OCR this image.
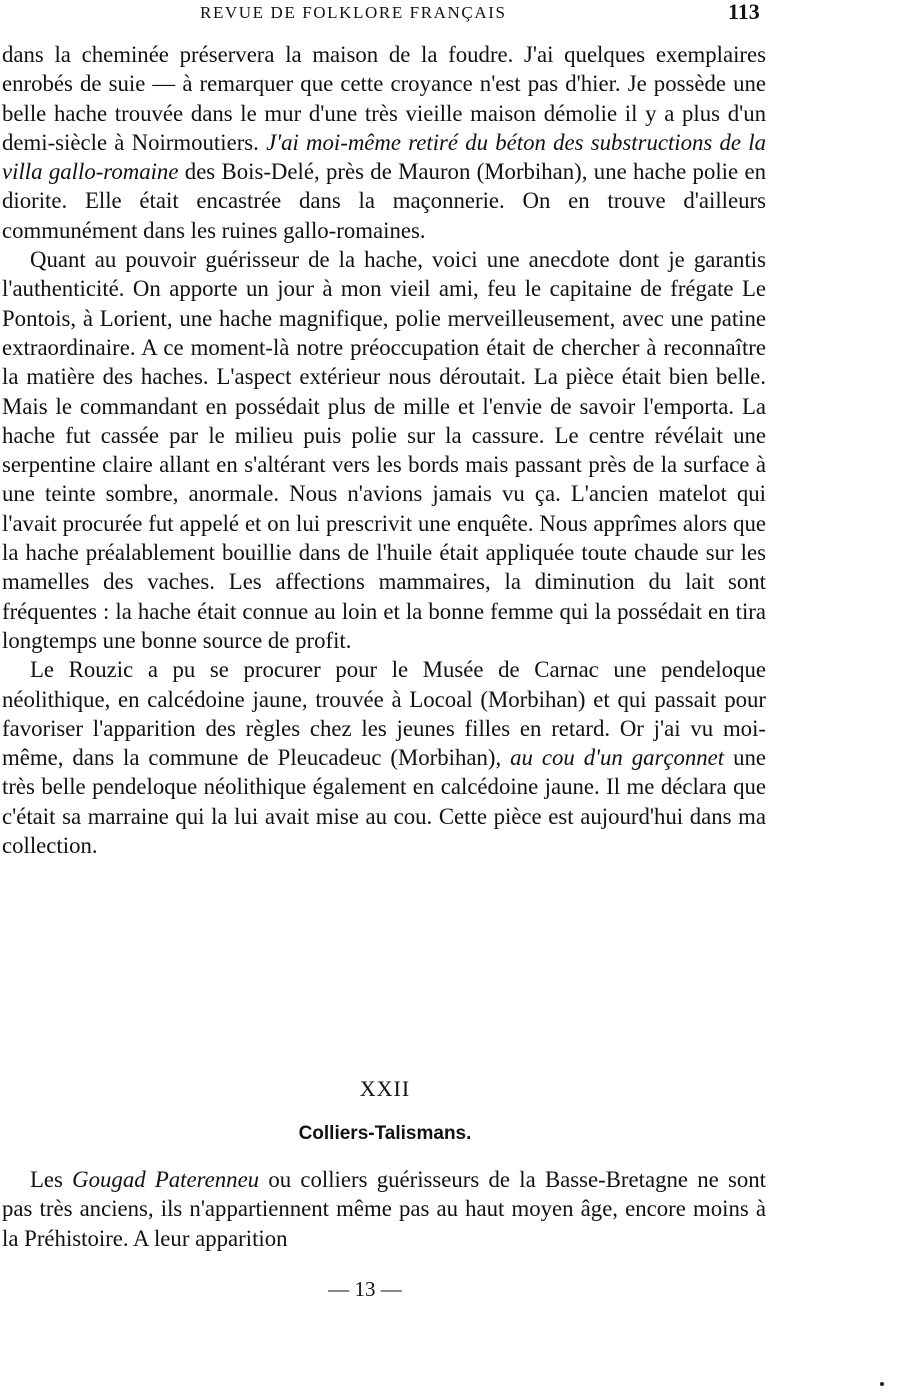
REVUE DE FOLKLORE FRANÇAIS	113

dans la cheminée préservera la maison de la foudre. J'ai quelques exemplaires enrobés de suie — à remarquer que cette croyance n'est pas d'hier. Je possède une belle hache trouvée dans le mur d'une très vieille maison démolie il y a plus d'un demi-siècle à Noirmoutiers. J'ai moi-même retiré du béton des substructions de la villa gallo-romaine des Bois-Delé, près de Mauron (Morbihan), une hache polie en diorite. Elle était encastrée dans la maçonnerie. On en trouve d'ailleurs communément dans les ruines gallo-romaines.

Quant au pouvoir guérisseur de la hache, voici une anecdote dont je garantis l'authenticité. On apporte un jour à mon vieil ami, feu le capitaine de frégate Le Pontois, à Lorient, une hache magnifique, polie merveilleusement, avec une patine extraordinaire. A ce moment-là notre préoccupation était de chercher à reconnaître la matière des haches. L'aspect extérieur nous déroutait. La pièce était bien belle. Mais le commandant en possédait plus de mille et l'envie de savoir l'emporta. La hache fut cassée par le milieu puis polie sur la cassure. Le centre révélait une serpentine claire allant en s'altérant vers les bords mais passant près de la surface à une teinte sombre, anormale. Nous n'avions jamais vu ça. L'ancien matelot qui l'avait procurée fut appelé et on lui prescrivit une enquête. Nous apprîmes alors que la hache préalablement bouillie dans de l'huile était appliquée toute chaude sur les mamelles des vaches. Les affections mammaires, la diminution du lait sont fréquentes : la hache était connue au loin et la bonne femme qui la possédait en tira longtemps une bonne source de profit.

Le Rouzic a pu se procurer pour le Musée de Carnac une pendeloque néolithique, en calcédoine jaune, trouvée à Locoal (Morbihan) et qui passait pour favoriser l'apparition des règles chez les jeunes filles en retard. Or j'ai vu moi-même, dans la commune de Pleucadeuc (Morbihan), au cou d'un garçonnet une très belle pendeloque néolithique également en calcédoine jaune. Il me déclara que c'était sa marraine qui la lui avait mise au cou. Cette pièce est aujourd'hui dans ma collection.

XXII
Colliers-Talismans.

Les Gougad Paterenneu ou colliers guérisseurs de la Basse-Bretagne ne sont pas très anciens, ils n'appartiennent même pas au haut moyen âge, encore moins à la Préhistoire. A leur apparition

— 13 —
